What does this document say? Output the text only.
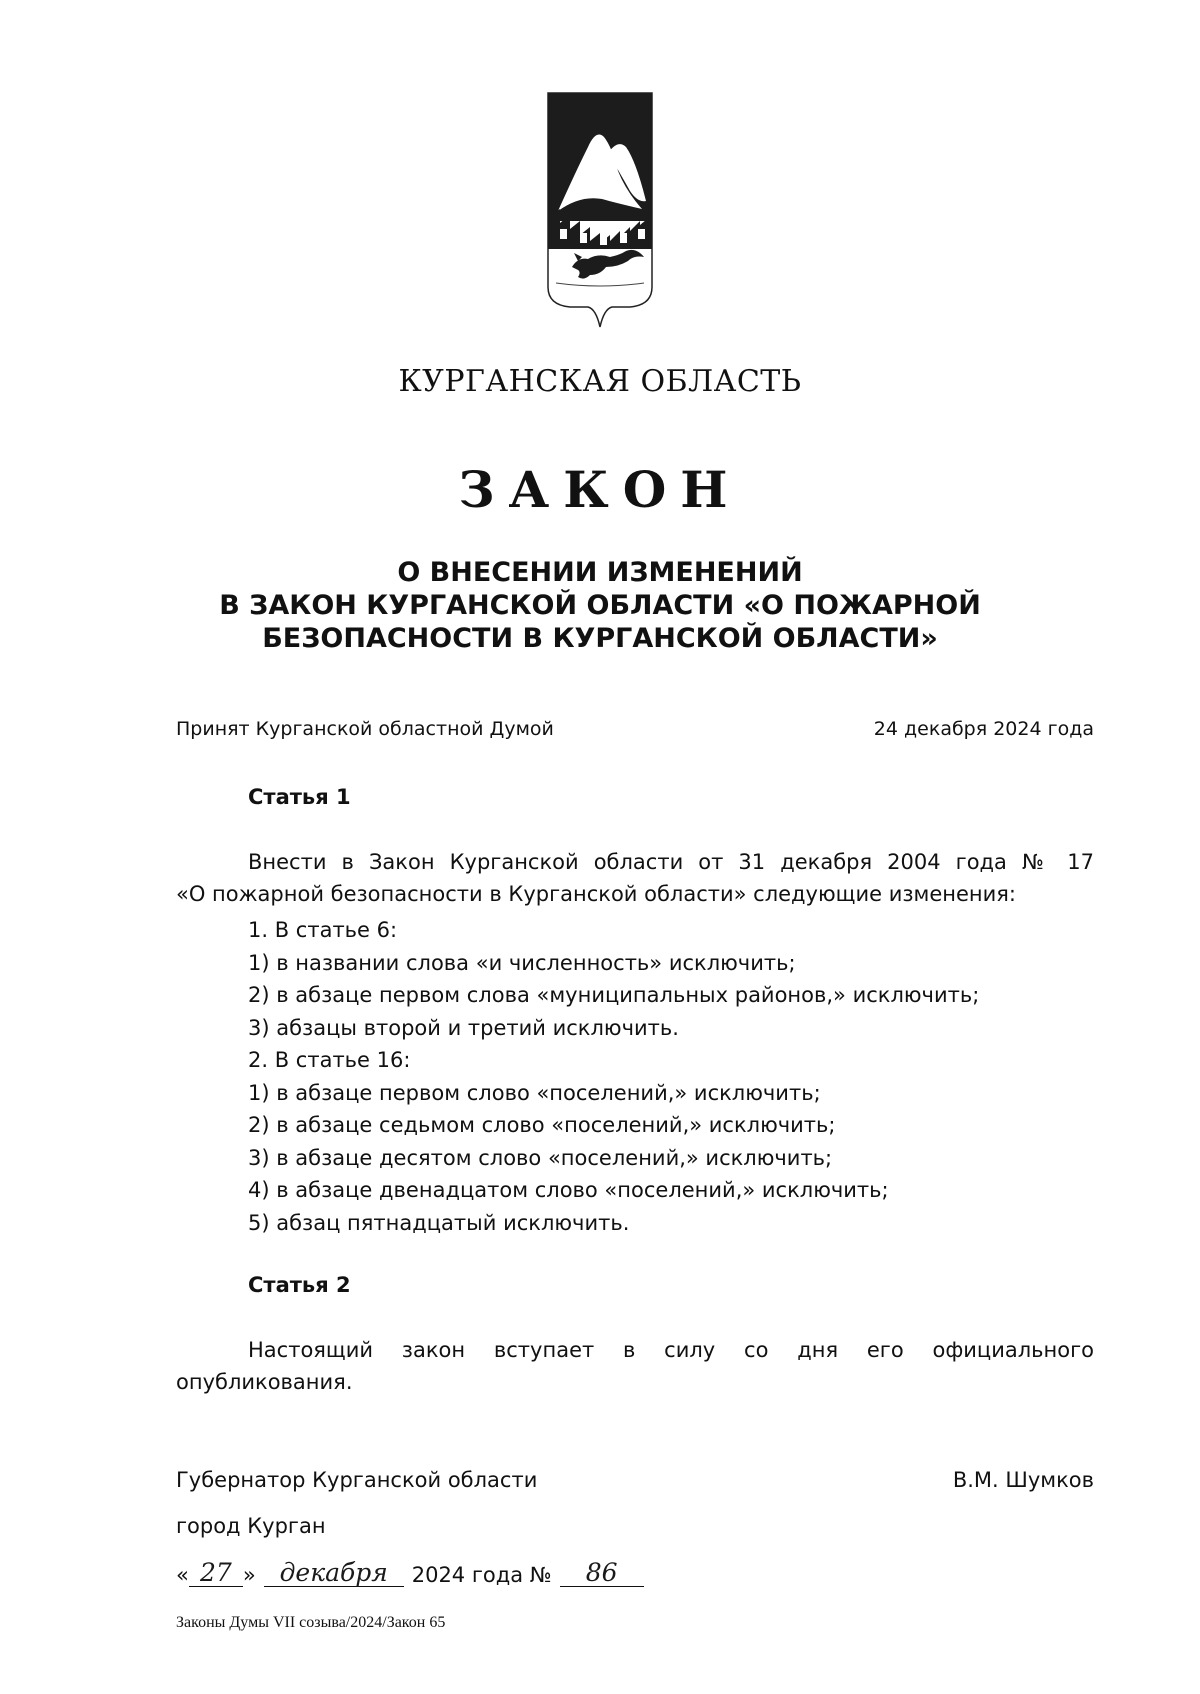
КУРГАНСКАЯ ОБЛАСТЬ
ЗАКОН
О ВНЕСЕНИИ ИЗМЕНЕНИЙ
В ЗАКОН КУРГАНСКОЙ ОБЛАСТИ «О ПОЖАРНОЙ
БЕЗОПАСНОСТИ В КУРГАНСКОЙ ОБЛАСТИ»
Принят Курганской областной Думой	24 декабря 2024 года
Статья 1
Внести в Закон Курганской области от 31 декабря 2004 года № 17
«О пожарной безопасности в Курганской области» следующие изменения:
1. В статье 6:
1) в названии слова «и численность» исключить;
2) в абзаце первом слова «муниципальных районов,» исключить;
3) абзацы второй и третий исключить.
2. В статье 16:
1) в абзаце первом слово «поселений,» исключить;
2) в абзаце седьмом слово «поселений,» исключить;
3) в абзаце десятом слово «поселений,» исключить;
4) в абзаце двенадцатом слово «поселений,» исключить;
5) абзац пятнадцатый исключить.
Статья 2
Настоящий закон вступает в силу со дня его официального
опубликования.
Губернатор Курганской области	В.М. Шумков
город Курган
« 27 » декабря	2024 года №	86
Законы Думы VII созыва/2024/Закон 65
